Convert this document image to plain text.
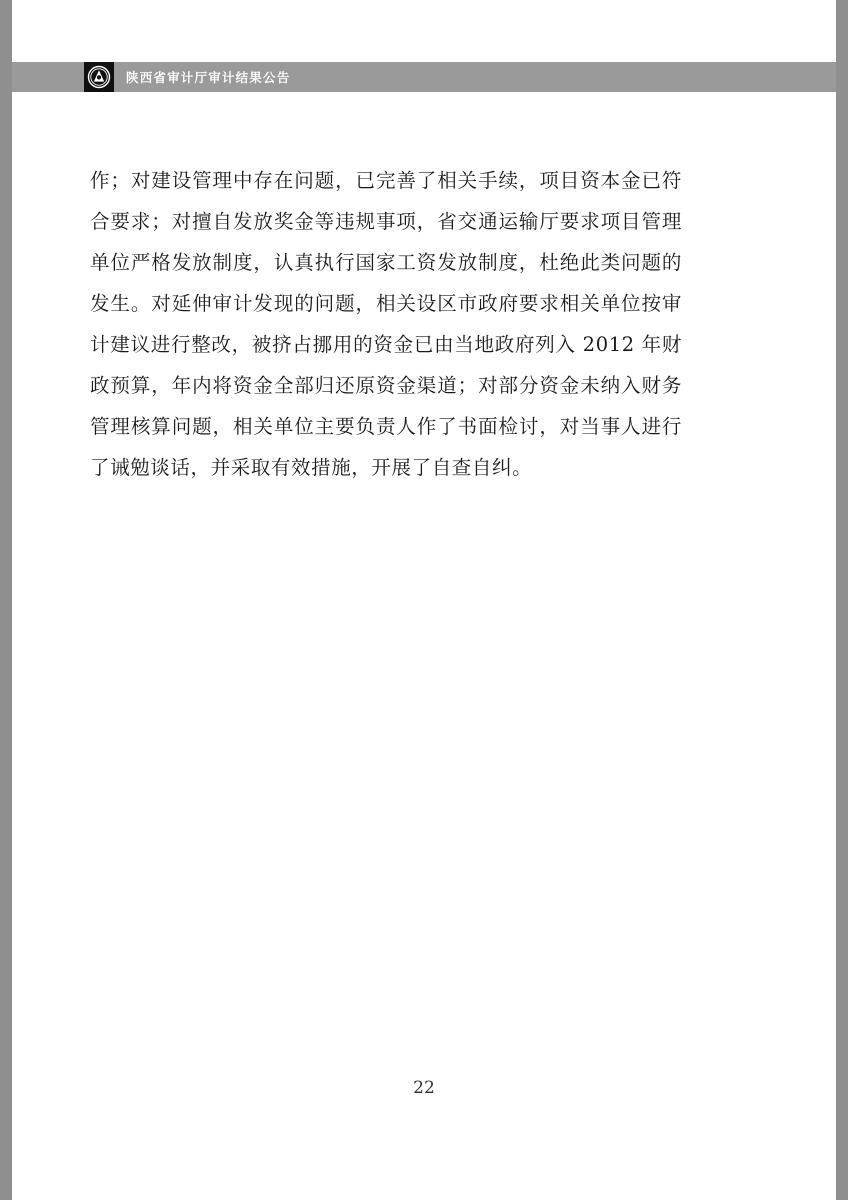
陕西省审计厅审计结果公告

作；对建设管理中存在问题，已完善了相关手续，项目资本金已符合要求；对擅自发放奖金等违规事项，省交通运输厅要求项目管理单位严格发放制度，认真执行国家工资发放制度，杜绝此类问题的发生。对延伸审计发现的问题，相关设区市政府要求相关单位按审计建议进行整改，被挤占挪用的资金已由当地政府列入 2012 年财政预算，年内将资金全部归还原资金渠道；对部分资金未纳入财务管理核算问题，相关单位主要负责人作了书面检讨，对当事人进行了诫勉谈话，并采取有效措施，开展了自查自纠。

22
